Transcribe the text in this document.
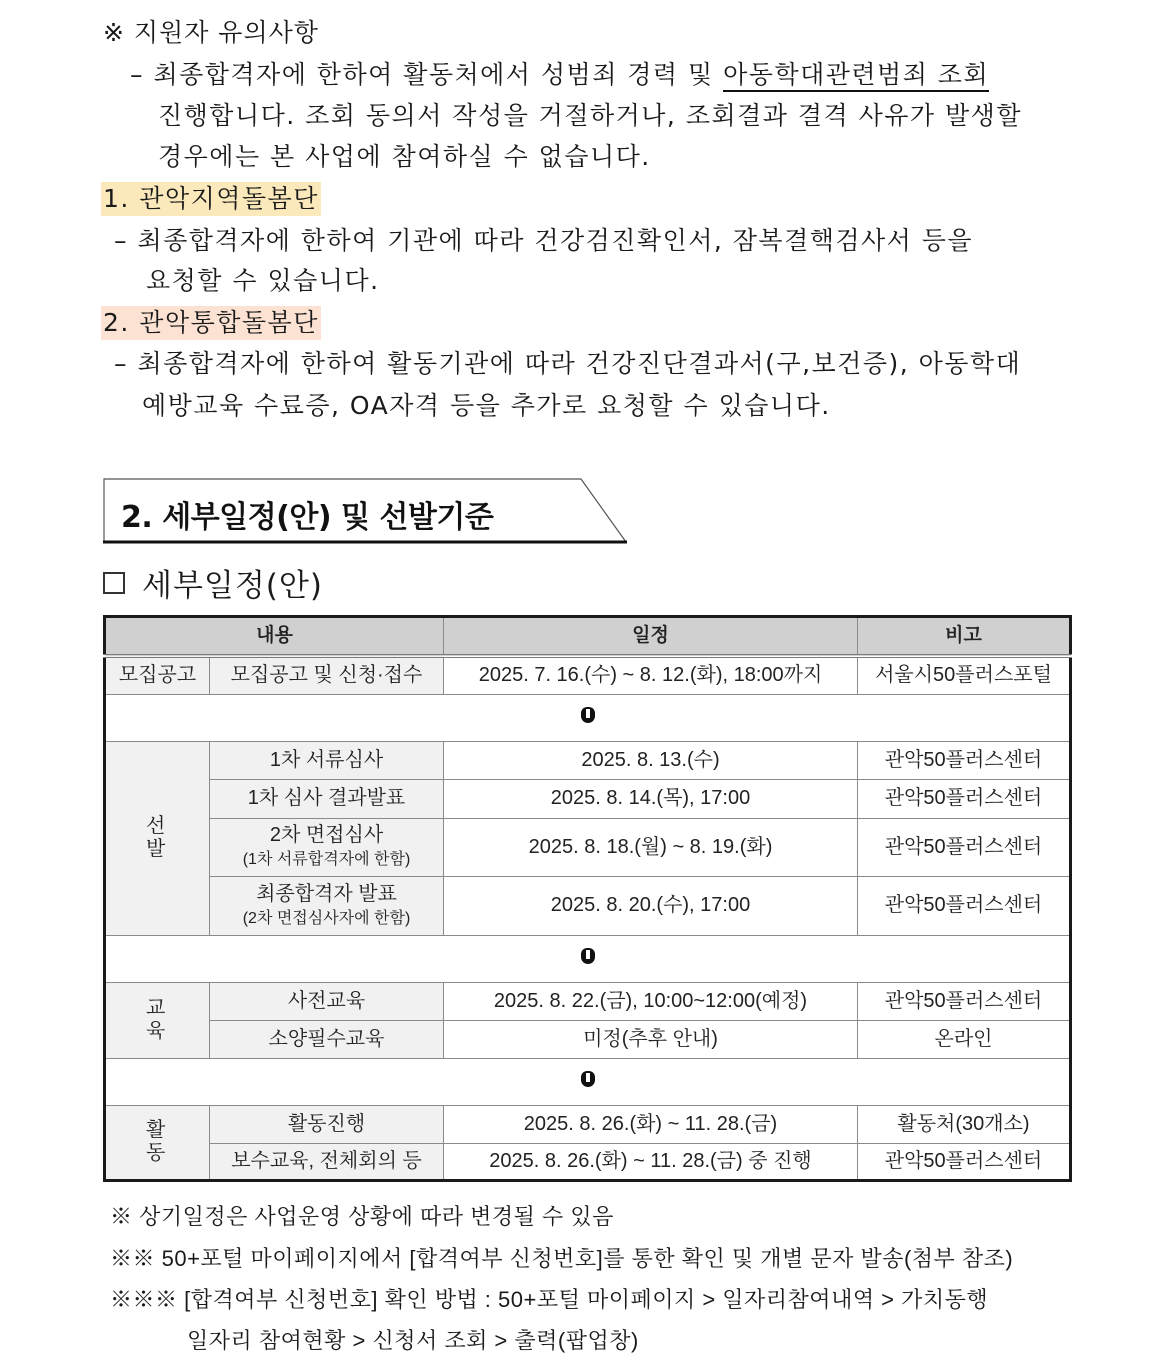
※ 지원자 유의사항
– 최종합격자에 한하여 활동처에서 성범죄 경력 및 아동학대관련범죄 조회
진행합니다. 조회 동의서 작성을 거절하거나, 조회결과 결격 사유가 발생할
경우에는 본 사업에 참여하실 수 없습니다.
1. 관악지역돌봄단
– 최종합격자에 한하여 기관에 따라 건강검진확인서, 잠복결핵검사서 등을
요청할 수 있습니다.
2. 관악통합돌봄단
– 최종합격자에 한하여 활동기관에 따라 건강진단결과서(구,보건증), 아동학대
예방교육 수료증, OA자격 등을 추가로 요청할 수 있습니다.
2. 세부일정(안) 및 선발기준
세부일정(안)
내용		일정	비고
모집공고	모집공고 및 신청·접수	2025. 7. 16.(수) ~ 8. 12.(화), 18:00까지	서울시50플러스포털

선발	1차 서류심사	2025. 8. 13.(수)	관악50플러스센터
	1차 심사 결과발표	2025. 8. 14.(목), 17:00	관악50플러스센터
	2차 면접심사
(1차 서류합격자에 한함)	2025. 8. 18.(월) ~ 8. 19.(화)	관악50플러스센터
	최종합격자 발표
(2차 면접심사자에 한함)	2025. 8. 20.(수), 17:00	관악50플러스센터

교육	사전교육	2025. 8. 22.(금), 10:00~12:00(예정)	관악50플러스센터
	소양필수교육	미정(추후 안내)	온라인

활동	활동진행	2025. 8. 26.(화) ~ 11. 28.(금)	활동처(30개소)
	보수교육, 전체회의 등	2025. 8. 26.(화) ~ 11. 28.(금) 중 진행	관악50플러스센터
※ 상기일정은 사업운영 상황에 따라 변경될 수 있음
※※ 50+포털 마이페이지에서 [합격여부 신청번호]를 통한 확인 및 개별 문자 발송(첨부 참조)
※※※ [합격여부 신청번호] 확인 방법 : 50+포털 마이페이지 > 일자리참여내역 > 가치동행
일자리 참여현황 > 신청서 조회 > 출력(팝업창)
